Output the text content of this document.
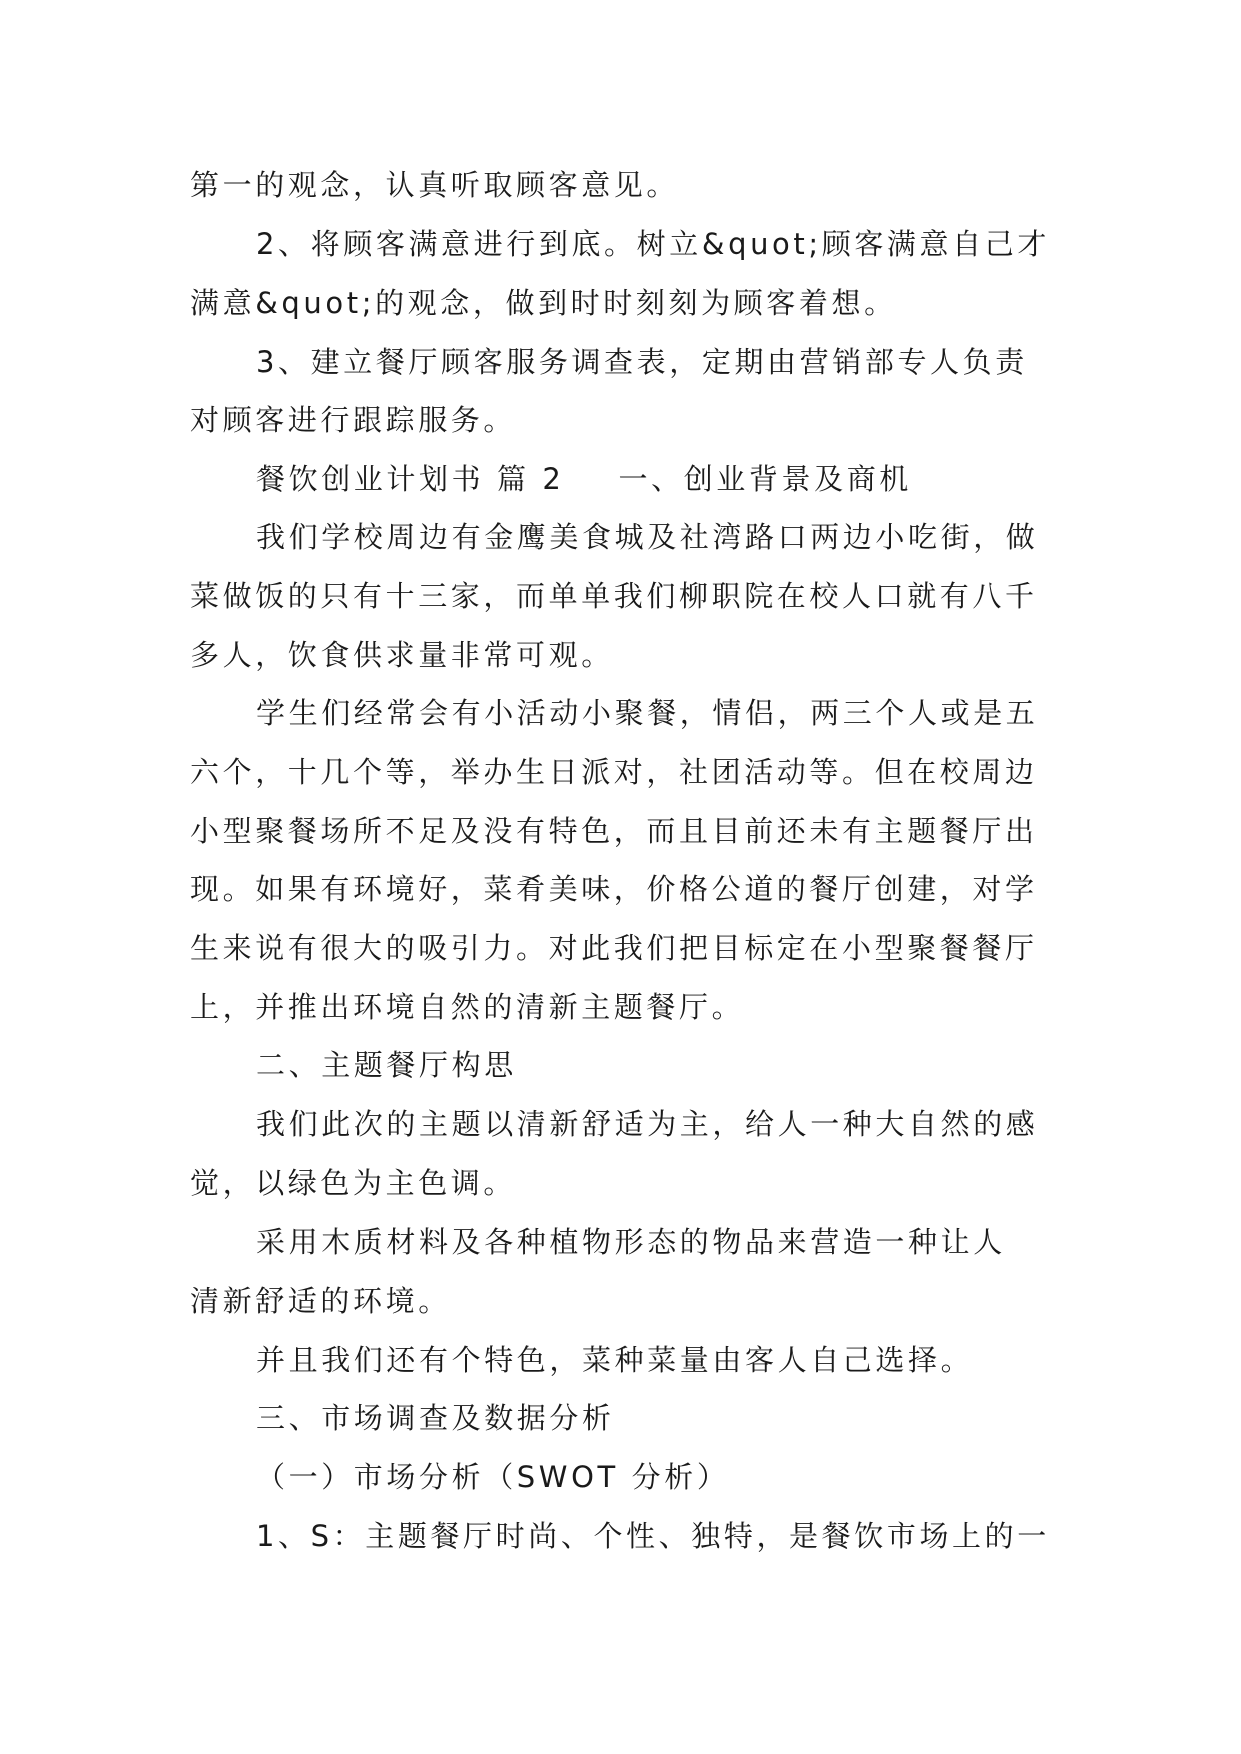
第一的观念，认真听取顾客意见。
2、将顾客满意进行到底。树立&quot;顾客满意自己才
满意&quot;的观念，做到时时刻刻为顾客着想。
3、建立餐厅顾客服务调查表，定期由营销部专人负责
对顾客进行跟踪服务。
餐饮创业计划书 篇 2 一、创业背景及商机
我们学校周边有金鹰美食城及社湾路口两边小吃街，做
菜做饭的只有十三家，而单单我们柳职院在校人口就有八千
多人，饮食供求量非常可观。
学生们经常会有小活动小聚餐，情侣，两三个人或是五
六个，十几个等，举办生日派对，社团活动等。但在校周边
小型聚餐场所不足及没有特色，而且目前还未有主题餐厅出
现。如果有环境好，菜肴美味，价格公道的餐厅创建，对学
生来说有很大的吸引力。对此我们把目标定在小型聚餐餐厅
上，并推出环境自然的清新主题餐厅。
二、主题餐厅构思
我们此次的主题以清新舒适为主，给人一种大自然的感
觉，以绿色为主色调。
采用木质材料及各种植物形态的物品来营造一种让人
清新舒适的环境。
并且我们还有个特色，菜种菜量由客人自己选择。
三、市场调查及数据分析
（一）市场分析（SWOT 分析）
1、S：主题餐厅时尚、个性、独特，是餐饮市场上的一
